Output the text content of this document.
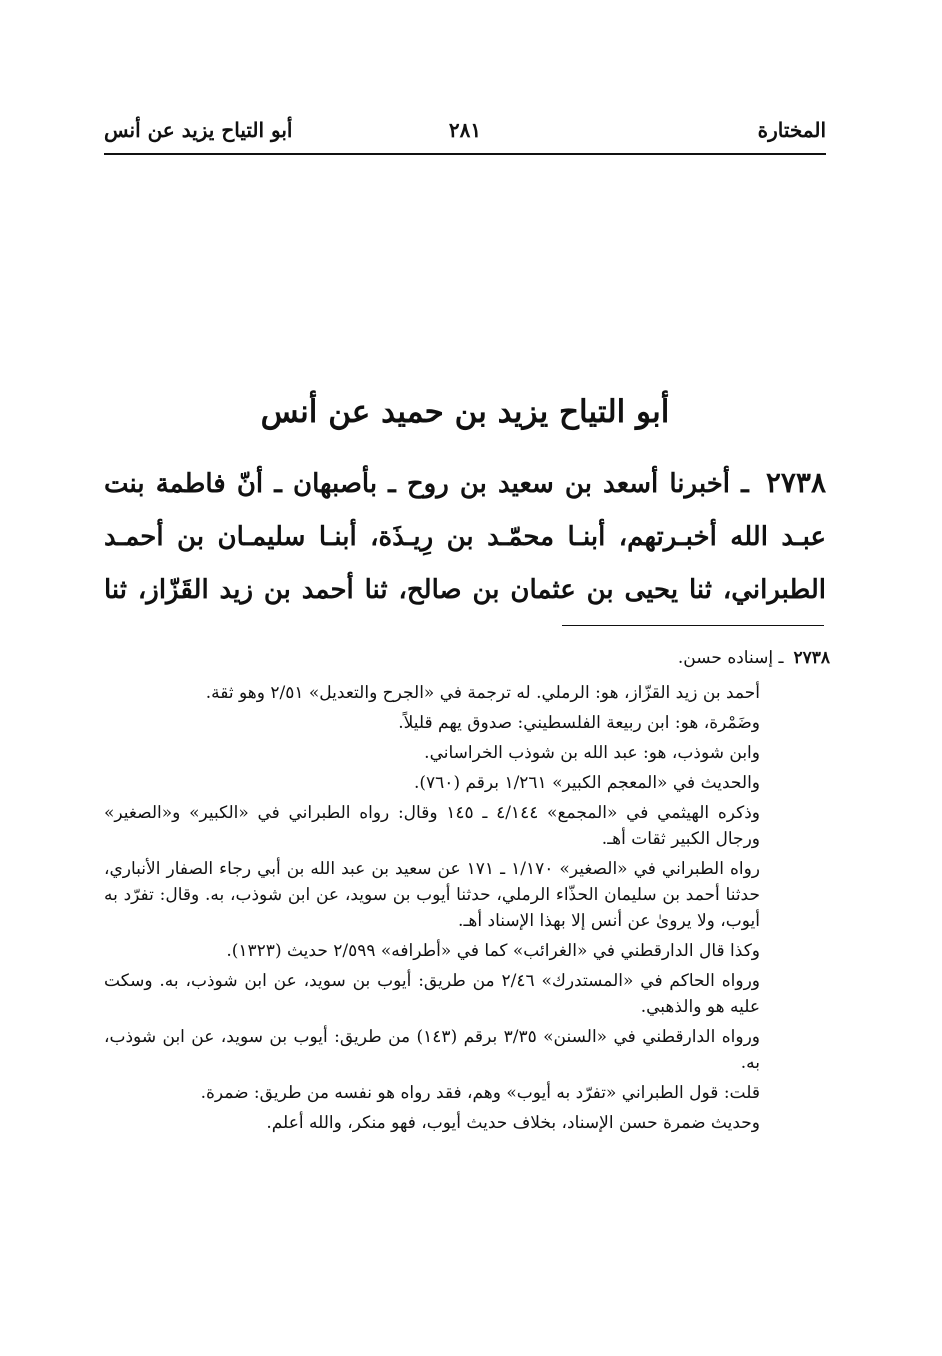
المختارة
٢٨١
أبو التياح يزيد عن أنس
أبو التياح يزيد بن حميد عن أنس
٢٧٣٨ ـ أخبرنا أسعد بن سعيد بن روح ـ بأصبهان ـ أنّ فاطمة بنت
عبـد الله أخبـرتهم، أبنـا محمّـد بن رِيـذَة، أبنـا سليمـان بن أحمـد
الطبراني، ثنا يحيى بن عثمان بن صالح، ثنا أحمد بن زيد القَزّاز، ثنا
٢٧٣٨ـ إسناده حسن.
أحمد بن زيد القزّاز، هو: الرملي. له ترجمة في «الجرح والتعديل» ٢/٥١ وهو ثقة.
وضَمْرة، هو: ابن ربيعة الفلسطيني: صدوق يهم قليلاً.
وابن شوذب، هو: عبد الله بن شوذب الخراساني.
والحديث في «المعجم الكبير» ١/٢٦١ برقم (٧٦٠).
وذكره الهيثمي في «المجمع» ٤/١٤٤ ـ ١٤٥ وقال: رواه الطبراني في «الكبير» و«الصغير» ورجال الكبير ثقات أهـ.
رواه الطبراني في «الصغير» ١/١٧٠ ـ ١٧١ عن سعيد بن عبد الله بن أبي رجاء الصفار الأنباري، حدثنا أحمد بن سليمان الحذّاء الرملي، حدثنا أيوب بن سويد، عن ابن شوذب، به. وقال: تفرّد به أيوب، ولا يروىٰ عن أنس إلا بهذا الإسناد أهـ.
وكذا قال الدارقطني في «الغرائب» كما في «أطرافه» ٢/٥٩٩ حديث (١٣٢٣).
ورواه الحاكم في «المستدرك» ٢/٤٦ من طريق: أيوب بن سويد، عن ابن شوذب، به. وسكت عليه هو والذهبي.
ورواه الدارقطني في «السنن» ٣/٣٥ برقم (١٤٣) من طريق: أيوب بن سويد، عن ابن شوذب، به.
قلت: قول الطبراني «تفرّد به أيوب» وهم، فقد رواه هو نفسه من طريق: ضمرة.
وحديث ضمرة حسن الإسناد، بخلاف حديث أيوب، فهو منكر، والله أعلم.
